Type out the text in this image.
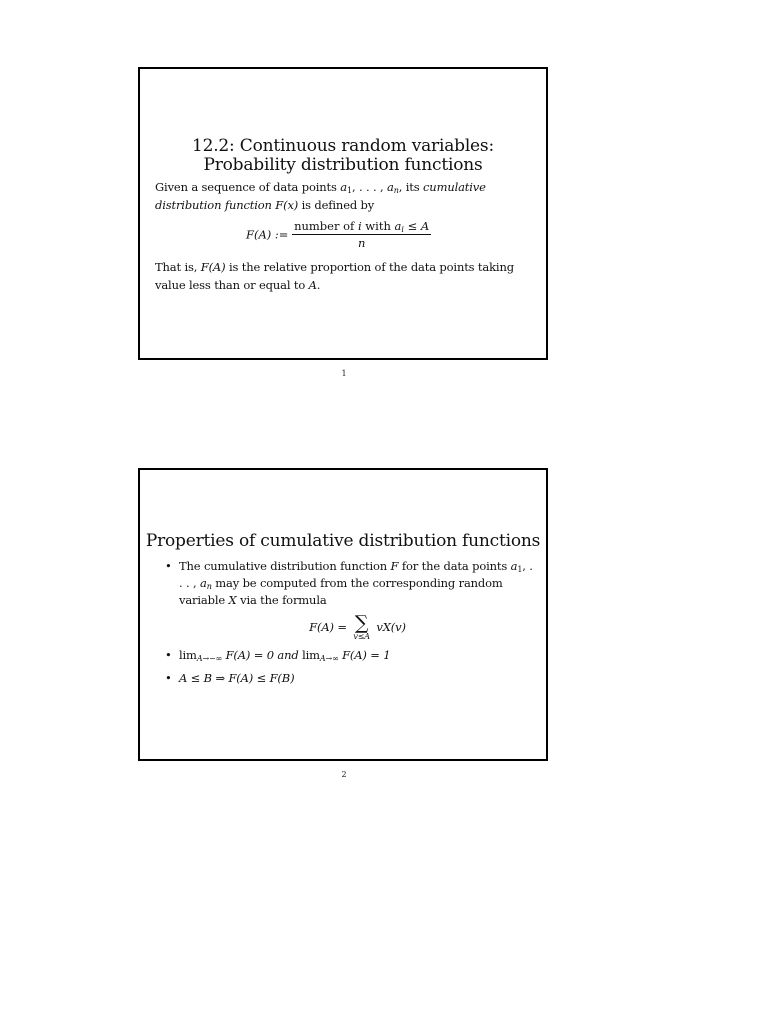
12.2: Continuous random variables:
Probability distribution functions
Given a sequence of data points $a_1$, . . . , $a_n$, its cumulative
distribution function F(x) is defined by
F(A) := $\frac{number of i with a_i \le A}{n}$
That is, F(A) is the relative proportion of the data points taking value less than or equal to A.
1
Properties of cumulative distribution functions
• The cumulative distribution function F for the data points $a_1$, . . . , $a_n$ may be computed from the corresponding random variable X via the formula
F(A) = ∑
v≤A
vX(v)
• $\lim_{A\to-\infty} F(A) = 0$ and $\lim_{A\to\infty} F(A) = 1$
• A ≤ B ⇒ F(A) ≤ F(B)
2
